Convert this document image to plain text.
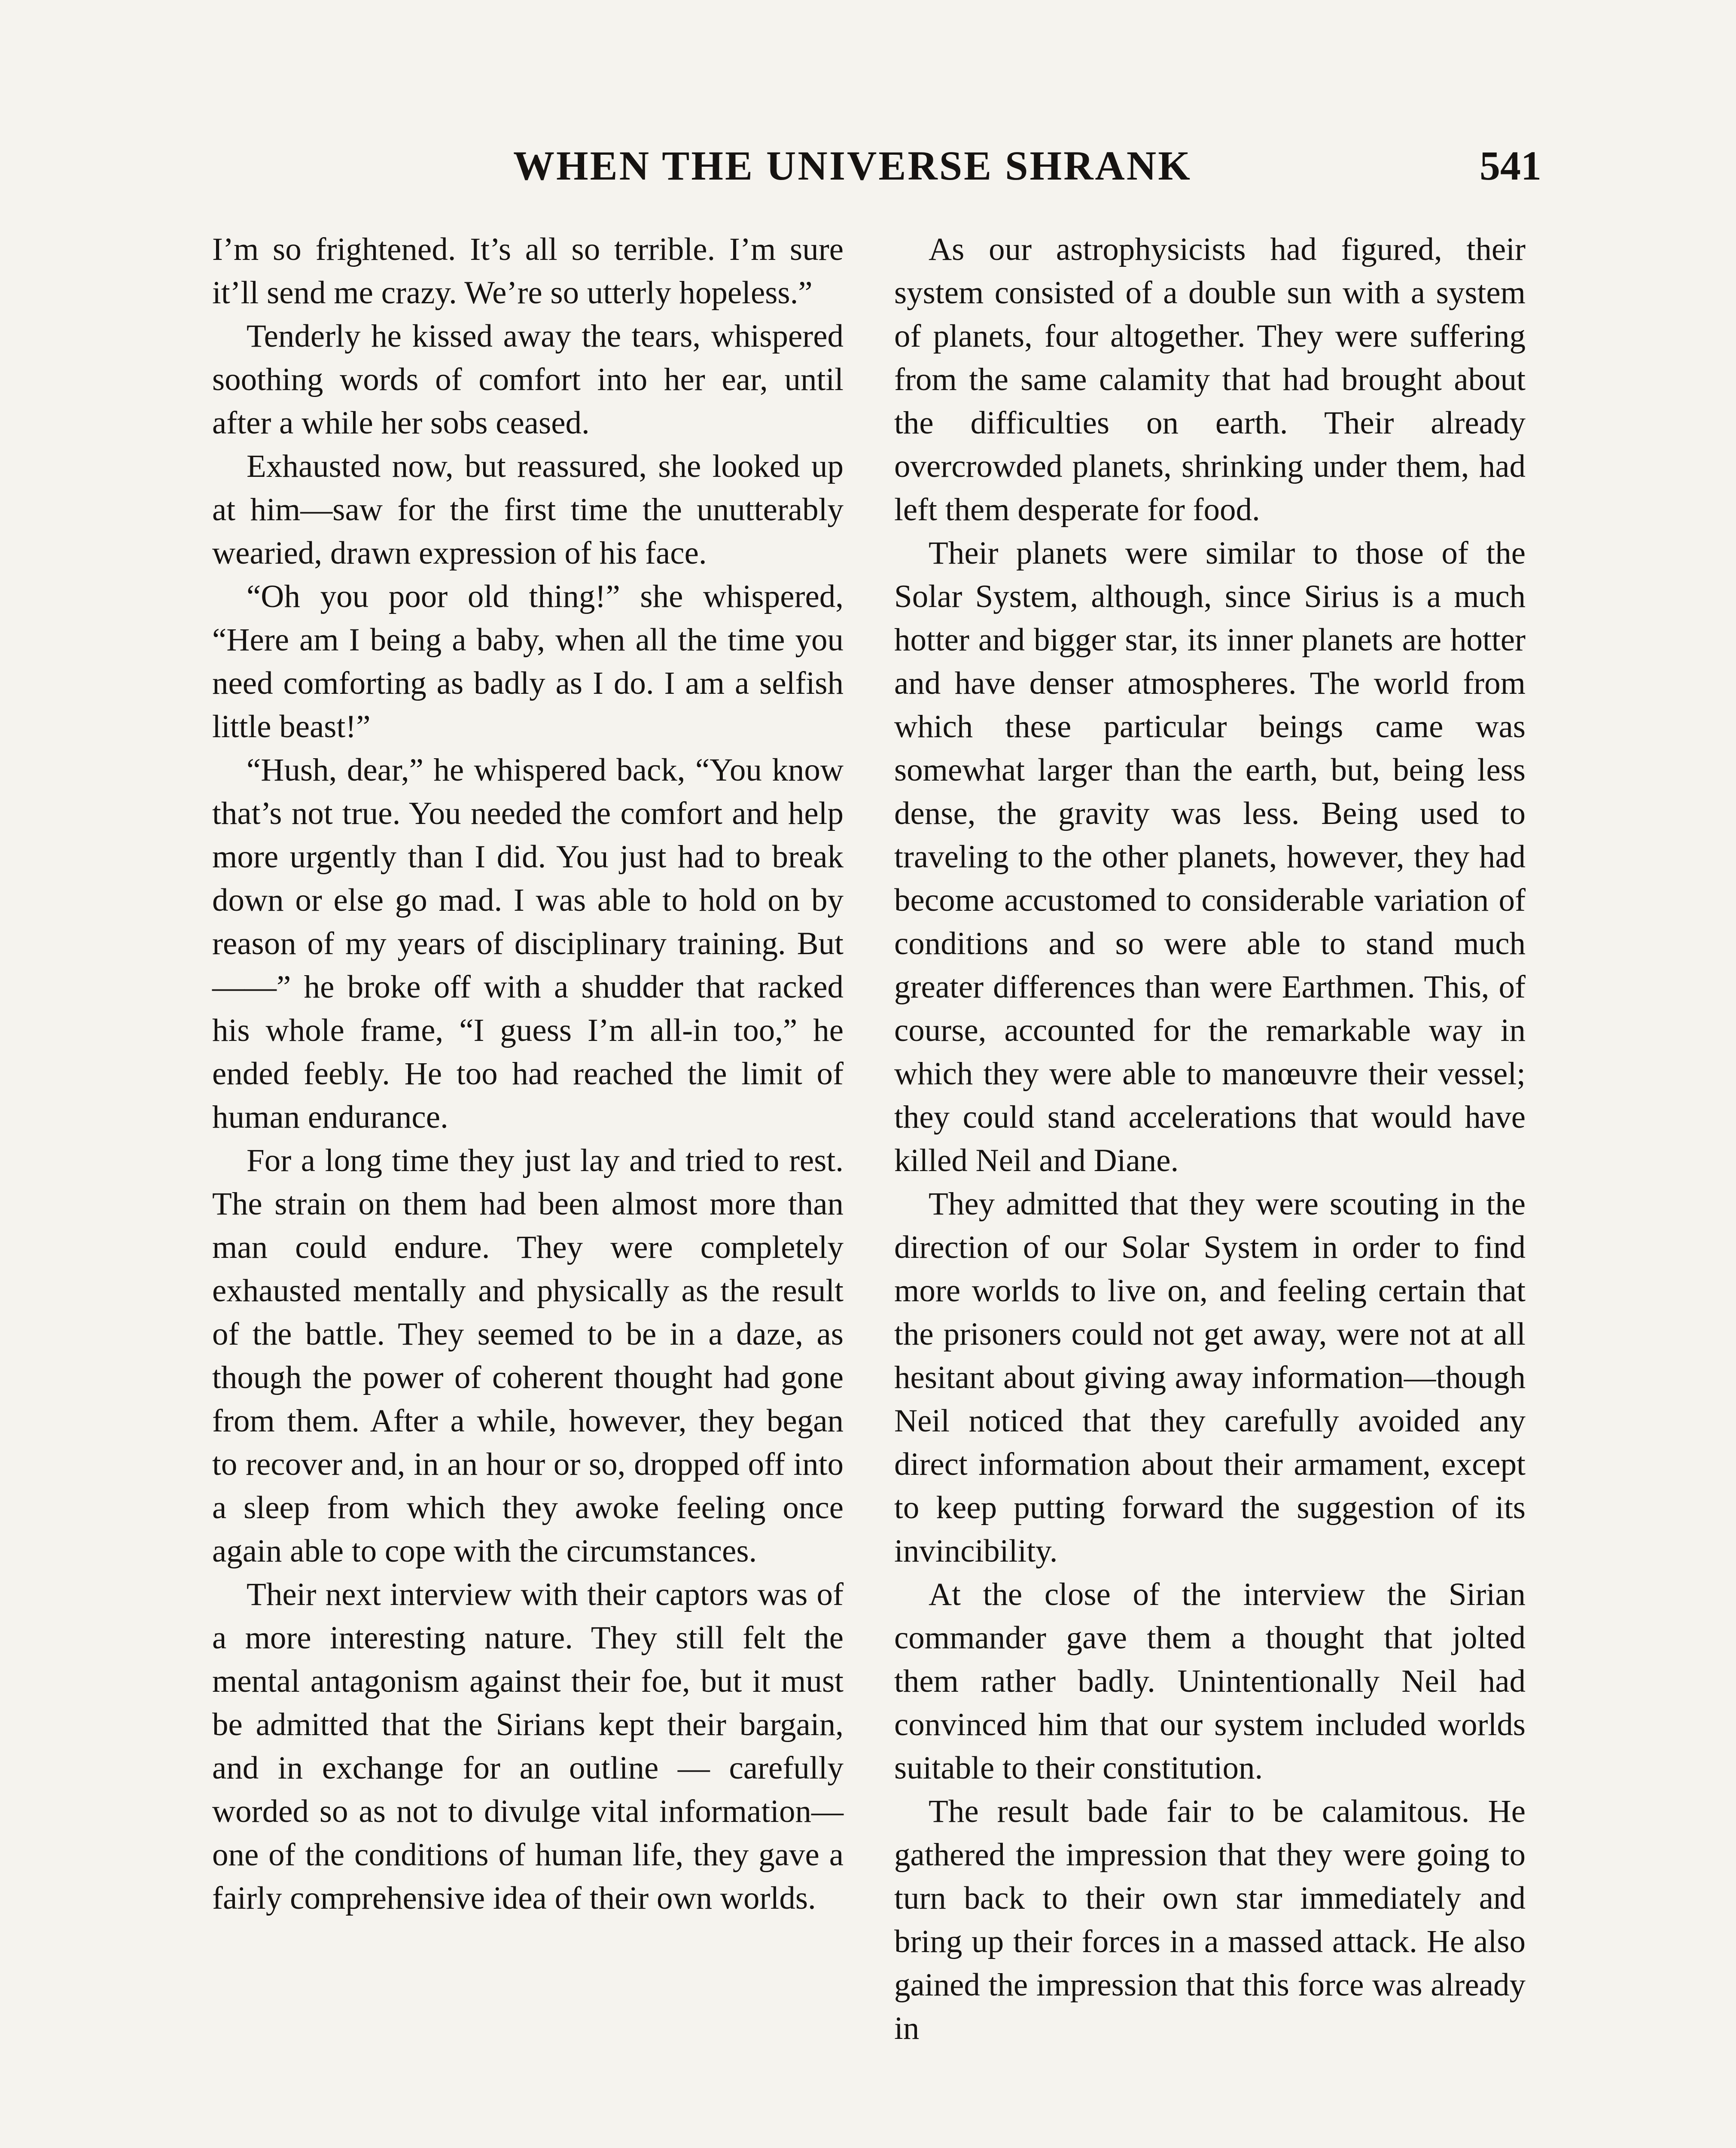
WHEN THE UNIVERSE SHRANK	541

I’m so frightened. It’s all so terrible. I’m sure it’ll send me crazy. We’re so utterly hopeless.”

Tenderly he kissed away the tears, whispered soothing words of comfort into her ear, until after a while her sobs ceased.

Exhausted now, but reassured, she looked up at him—saw for the first time the unutterably wearied, drawn expression of his face.

“Oh you poor old thing!” she whispered, “Here am I being a baby, when all the time you need comforting as badly as I do. I am a selfish little beast!”

“Hush, dear,” he whispered back, “You know that’s not true. You needed the comfort and help more urgently than I did. You just had to break down or else go mad. I was able to hold on by reason of my years of disciplinary training. But——” he broke off with a shudder that racked his whole frame, “I guess I’m all-in too,” he ended feebly. He too had reached the limit of human endurance.

For a long time they just lay and tried to rest. The strain on them had been almost more than man could endure. They were completely exhausted mentally and physically as the result of the battle. They seemed to be in a daze, as though the power of coherent thought had gone from them. After a while, however, they began to recover and, in an hour or so, dropped off into a sleep from which they awoke feeling once again able to cope with the circumstances.

Their next interview with their captors was of a more interesting nature. They still felt the mental antagonism against their foe, but it must be admitted that the Sirians kept their bargain, and in exchange for an outline — carefully worded so as not to divulge vital information—one of the conditions of human life, they gave a fairly comprehensive idea of their own worlds.

As our astrophysicists had figured, their system consisted of a double sun with a system of planets, four altogether. They were suffering from the same calamity that had brought about the difficulties on earth. Their already overcrowded planets, shrinking under them, had left them desperate for food.

Their planets were similar to those of the Solar System, although, since Sirius is a much hotter and bigger star, its inner planets are hotter and have denser atmospheres. The world from which these particular beings came was somewhat larger than the earth, but, being less dense, the gravity was less. Being used to traveling to the other planets, however, they had become accustomed to considerable variation of conditions and so were able to stand much greater differences than were Earthmen. This, of course, accounted for the remarkable way in which they were able to manœuvre their vessel; they could stand accelerations that would have killed Neil and Diane.

They admitted that they were scouting in the direction of our Solar System in order to find more worlds to live on, and feeling certain that the prisoners could not get away, were not at all hesitant about giving away information—though Neil noticed that they carefully avoided any direct information about their armament, except to keep putting forward the suggestion of its invincibility.

At the close of the interview the Sirian commander gave them a thought that jolted them rather badly. Unintentionally Neil had convinced him that our system included worlds suitable to their constitution.

The result bade fair to be calamitous. He gathered the impression that they were going to turn back to their own star immediately and bring up their forces in a massed attack. He also gained the impression that this force was already in
